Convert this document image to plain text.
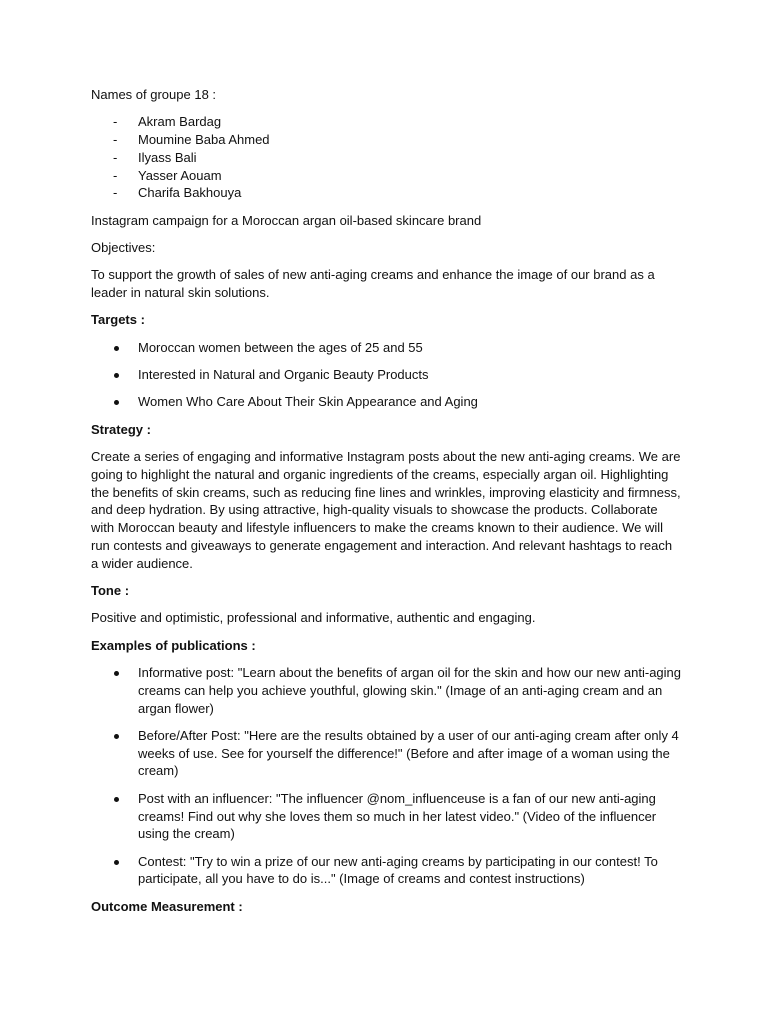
Names of groupe 18 :

- Akram Bardag
- Moumine Baba Ahmed
- Ilyass Bali
- Yasser Aouam
- Charifa Bakhouya

Instagram campaign for a Moroccan argan oil-based skincare brand

Objectives:

To support the growth of sales of new anti-aging creams and enhance the image of our brand as a leader in natural skin solutions.

Targets :

Moroccan women between the ages of 25 and 55
Interested in Natural and Organic Beauty Products
Women Who Care About Their Skin Appearance and Aging

Strategy :

Create a series of engaging and informative Instagram posts about the new anti-aging creams. We are going to highlight the natural and organic ingredients of the creams, especially argan oil. Highlighting the benefits of skin creams, such as reducing fine lines and wrinkles, improving elasticity and firmness, and deep hydration. By using attractive, high-quality visuals to showcase the products. Collaborate with Moroccan beauty and lifestyle influencers to make the creams known to their audience. We will run contests and giveaways to generate engagement and interaction. And relevant hashtags to reach a wider audience.

Tone :

Positive and optimistic, professional and informative, authentic and engaging.

Examples of publications :

Informative post: "Learn about the benefits of argan oil for the skin and how our new anti-aging creams can help you achieve youthful, glowing skin." (Image of an anti-aging cream and an argan flower)
Before/After Post: "Here are the results obtained by a user of our anti-aging cream after only 4 weeks of use. See for yourself the difference!" (Before and after image of a woman using the cream)
Post with an influencer: "The influencer @nom_influenceuse is a fan of our new anti-aging creams! Find out why she loves them so much in her latest video." (Video of the influencer using the cream)
Contest: "Try to win a prize of our new anti-aging creams by participating in our contest! To participate, all you have to do is..." (Image of creams and contest instructions)

Outcome Measurement :
